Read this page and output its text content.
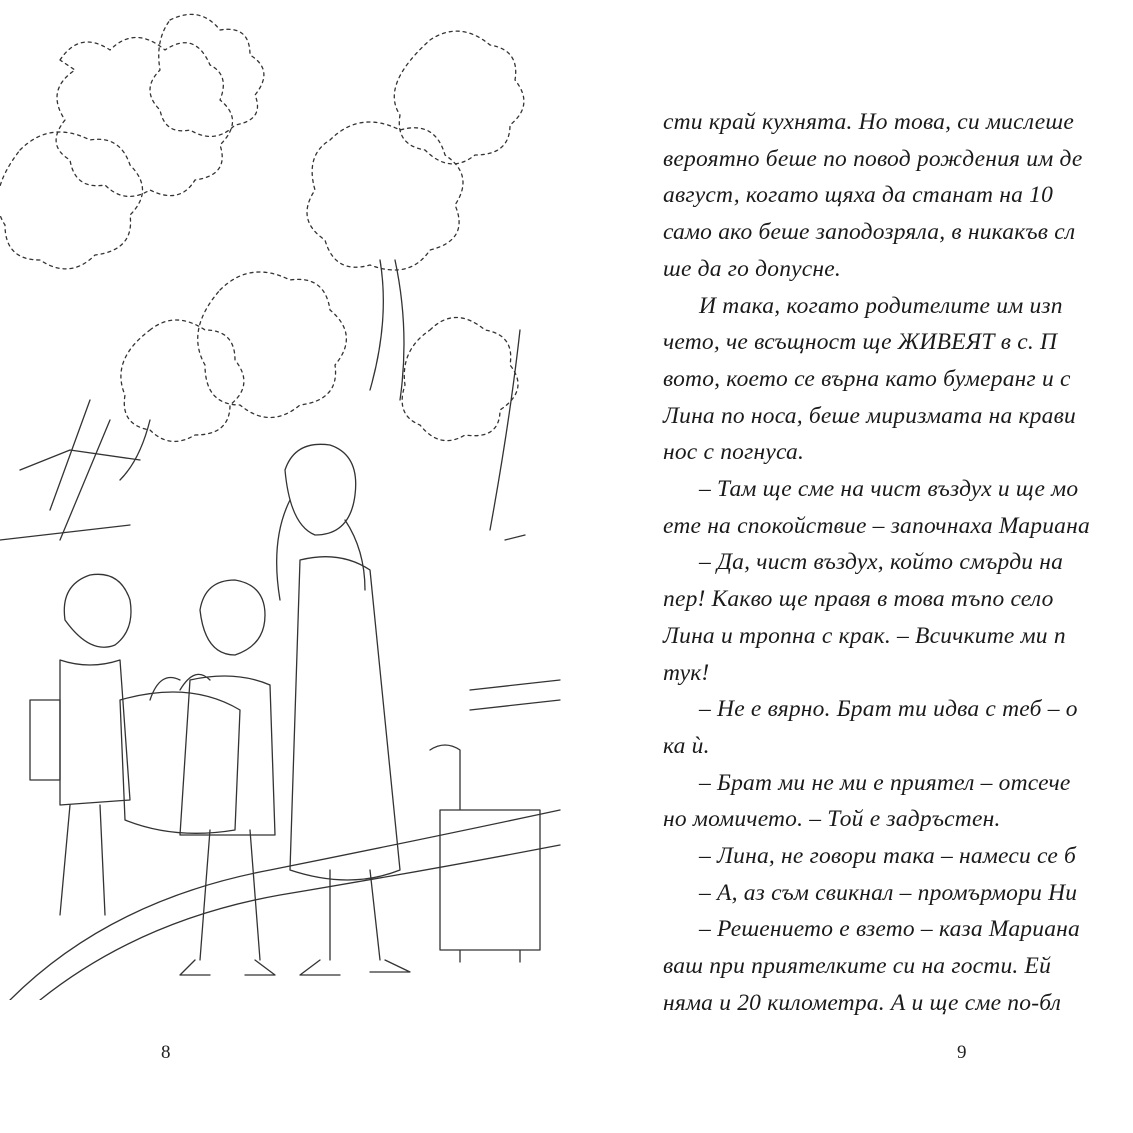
8
сти край кухнята. Но това, си мислеше
вероятно беше по повод рождения им де
август, когато щяха да станат на 10
само ако беше заподозряла, в никакъв сл
ше да го допусне.
И така, когато родителите им изп
чето, че всъщност ще ЖИВЕЯТ в с. П
вото, което се върна като бумеранг и с
Лина по носа, беше миризмата на крави
нос с погнуса.
– Там ще сме на чист въздух и ще мо
ете на спокойствие – започнаха Мариана
– Да, чист въздух, който смърди на
пер! Какво ще правя в това тъпо село
Лина и тропна с крак. – Всичките ми п
тук!
– Не е вярно. Брат ти идва с теб – о
ка ѝ.
– Брат ми не ми е приятел – отсече
но момичето. – Той е задръстен.
– Лина, не говори така – намеси се б
– А, аз съм свикнал – промърмори Ни
– Решението е взето – каза Мариана
ваш при приятелките си на гости. Ей
няма и 20 километра. А и ще сме по-бл
9
